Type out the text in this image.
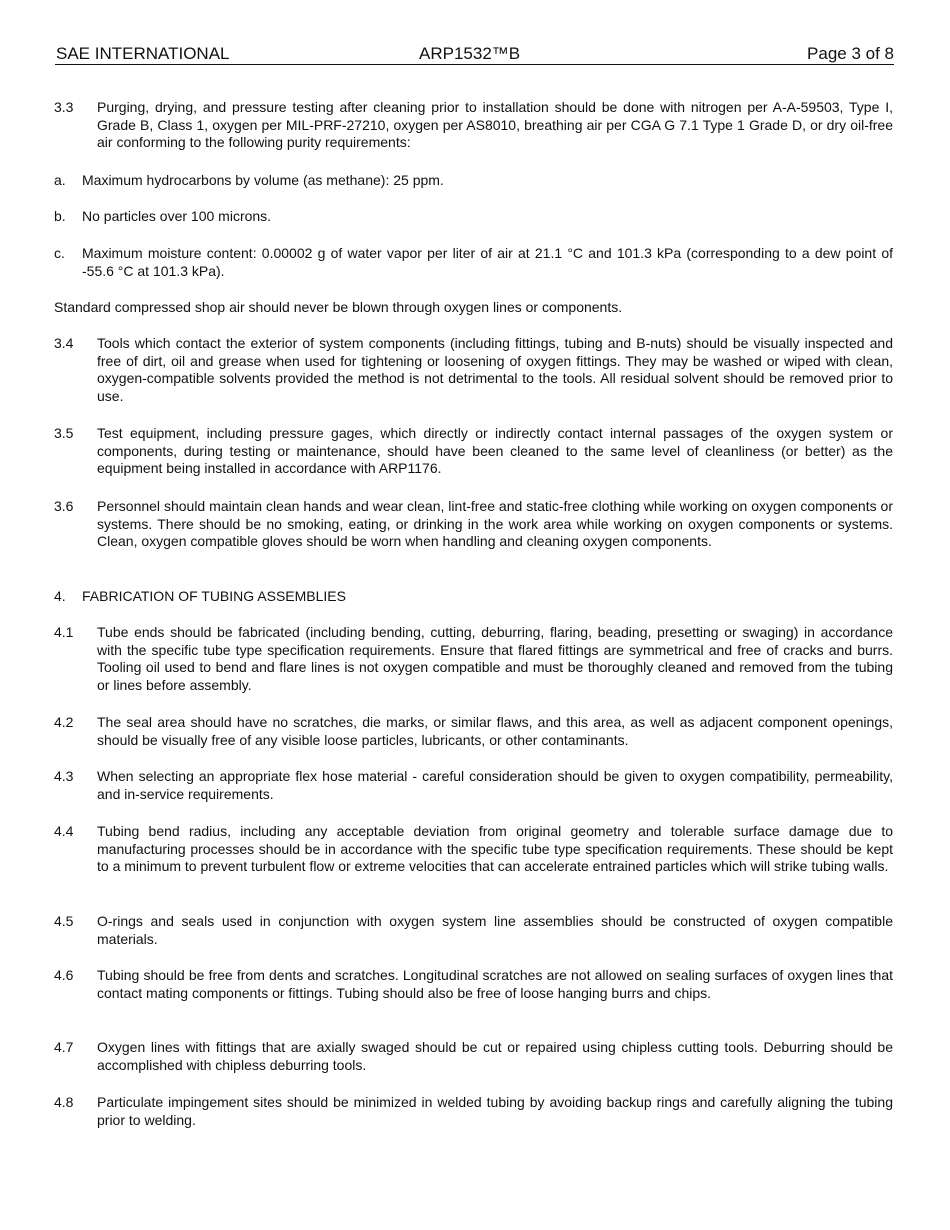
SAE INTERNATIONAL	ARP1532™B	Page 3 of 8
3.3 Purging, drying, and pressure testing after cleaning prior to installation should be done with nitrogen per A-A-59503, Type I, Grade B, Class 1, oxygen per MIL-PRF-27210, oxygen per AS8010, breathing air per CGA G 7.1 Type 1 Grade D, or dry oil-free air conforming to the following purity requirements:
a. Maximum hydrocarbons by volume (as methane): 25 ppm.
b. No particles over 100 microns.
c. Maximum moisture content: 0.00002 g of water vapor per liter of air at 21.1 °C and 101.3 kPa (corresponding to a dew point of -55.6 °C at 101.3 kPa).
Standard compressed shop air should never be blown through oxygen lines or components.
3.4 Tools which contact the exterior of system components (including fittings, tubing and B-nuts) should be visually inspected and free of dirt, oil and grease when used for tightening or loosening of oxygen fittings. They may be washed or wiped with clean, oxygen-compatible solvents provided the method is not detrimental to the tools. All residual solvent should be removed prior to use.
3.5 Test equipment, including pressure gages, which directly or indirectly contact internal passages of the oxygen system or components, during testing or maintenance, should have been cleaned to the same level of cleanliness (or better) as the equipment being installed in accordance with ARP1176.
3.6 Personnel should maintain clean hands and wear clean, lint-free and static-free clothing while working on oxygen components or systems. There should be no smoking, eating, or drinking in the work area while working on oxygen components or systems. Clean, oxygen compatible gloves should be worn when handling and cleaning oxygen components.
4. FABRICATION OF TUBING ASSEMBLIES
4.1 Tube ends should be fabricated (including bending, cutting, deburring, flaring, beading, presetting or swaging) in accordance with the specific tube type specification requirements. Ensure that flared fittings are symmetrical and free of cracks and burrs. Tooling oil used to bend and flare lines is not oxygen compatible and must be thoroughly cleaned and removed from the tubing or lines before assembly.
4.2 The seal area should have no scratches, die marks, or similar flaws, and this area, as well as adjacent component openings, should be visually free of any visible loose particles, lubricants, or other contaminants.
4.3 When selecting an appropriate flex hose material - careful consideration should be given to oxygen compatibility, permeability, and in-service requirements.
4.4 Tubing bend radius, including any acceptable deviation from original geometry and tolerable surface damage due to manufacturing processes should be in accordance with the specific tube type specification requirements. These should be kept to a minimum to prevent turbulent flow or extreme velocities that can accelerate entrained particles which will strike tubing walls.
4.5 O-rings and seals used in conjunction with oxygen system line assemblies should be constructed of oxygen compatible materials.
4.6 Tubing should be free from dents and scratches. Longitudinal scratches are not allowed on sealing surfaces of oxygen lines that contact mating components or fittings. Tubing should also be free of loose hanging burrs and chips.
4.7 Oxygen lines with fittings that are axially swaged should be cut or repaired using chipless cutting tools. Deburring should be accomplished with chipless deburring tools.
4.8 Particulate impingement sites should be minimized in welded tubing by avoiding backup rings and carefully aligning the tubing prior to welding.
